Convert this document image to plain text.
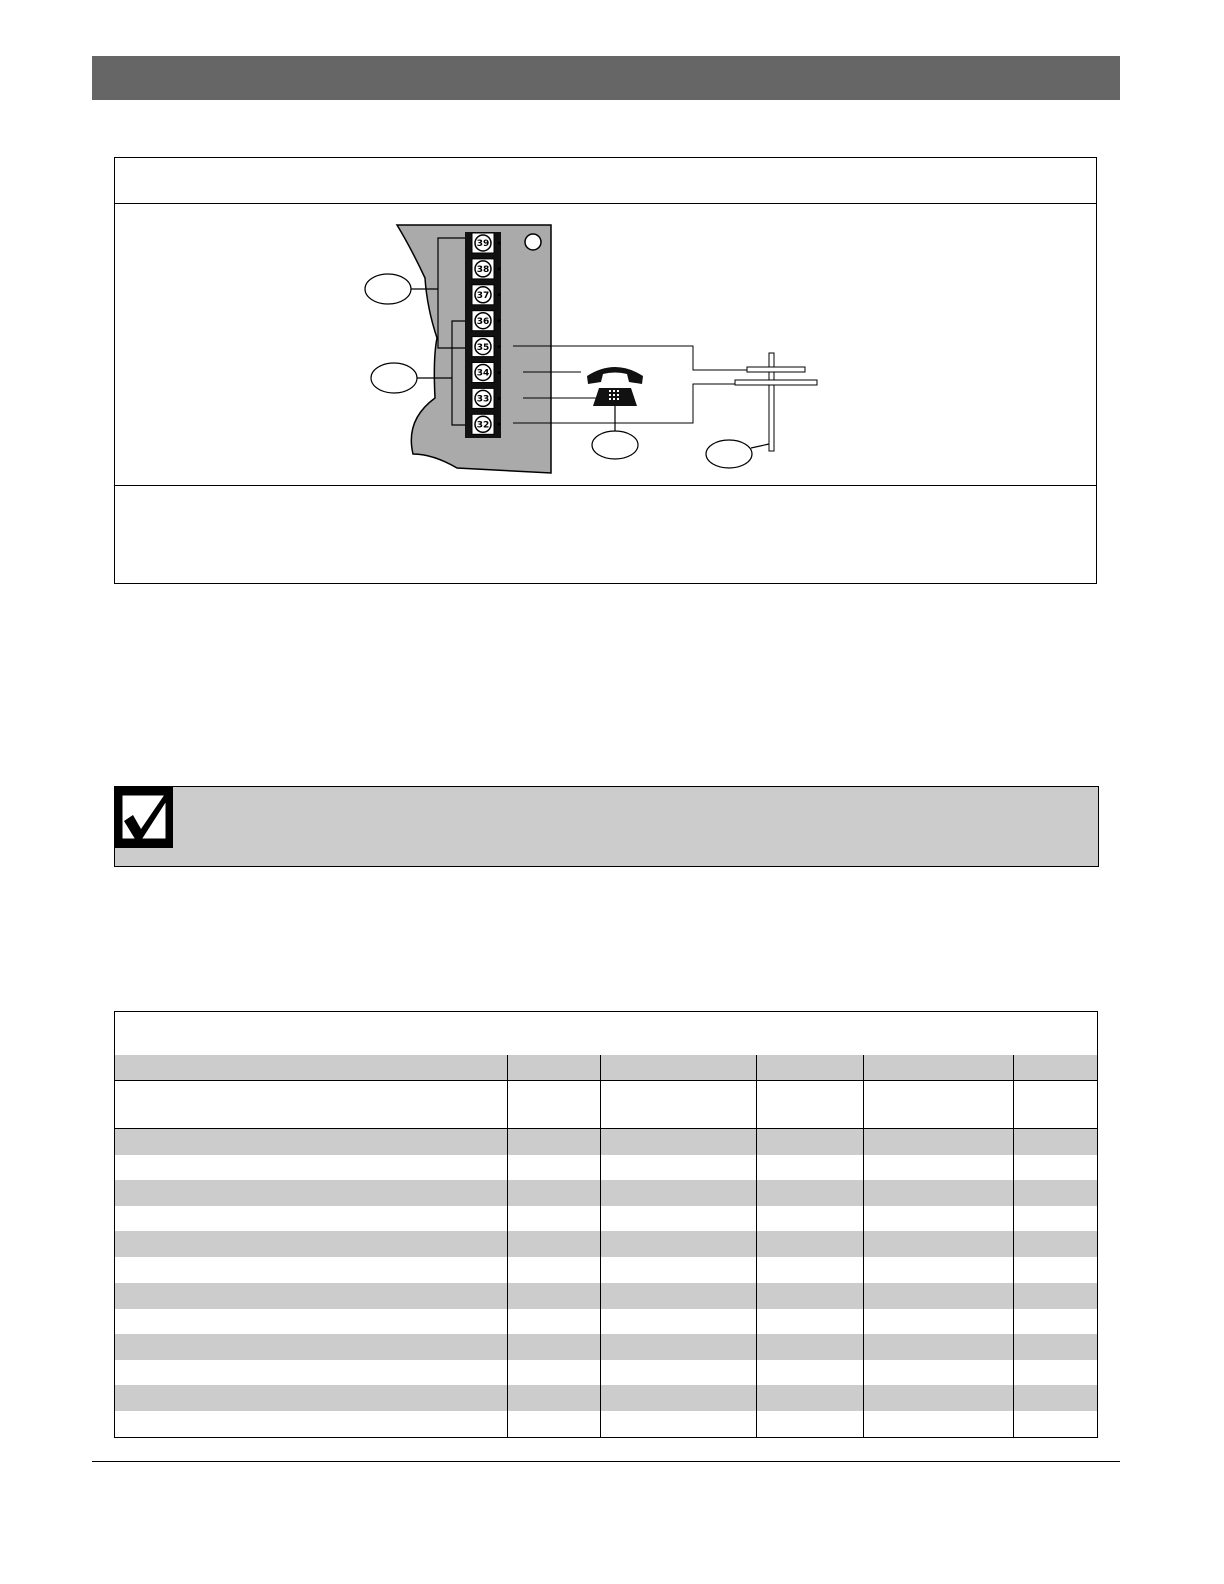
39
38
37
36
35
34
33
32
